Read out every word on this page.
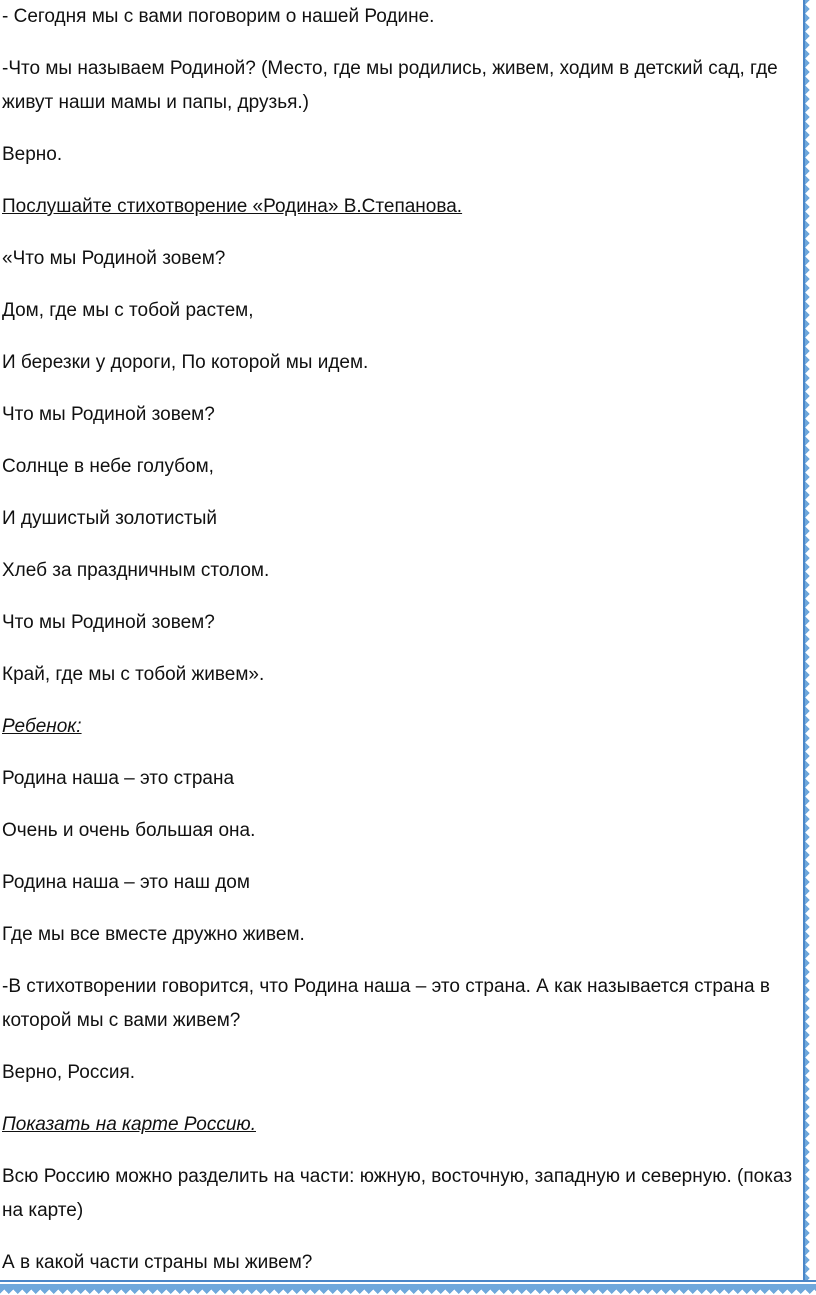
- Сегодня мы с вами поговорим о нашей Родине.

-Что мы называем Родиной? (Место, где мы родились, живем, ходим в детский сад, где живут наши мамы и папы, друзья.)

Верно.

Послушайте стихотворение «Родина» В.Степанова.

«Что мы Родиной зовем?

Дом, где мы с тобой растем,

И березки у дороги, По которой мы идем.

Что мы Родиной зовем?

Солнце в небе голубом,

И душистый золотистый

Хлеб за праздничным столом.

Что мы Родиной зовем?

Край, где мы с тобой живем».

Ребенок:

Родина наша – это страна

Очень и очень большая она.

Родина наша – это наш дом

Где мы все вместе дружно живем.

-В стихотворении говорится, что Родина наша – это страна. А как называется страна в которой мы с вами живем?

Верно, Россия.

Показать на карте Россию.

Всю Россию можно разделить на части: южную, восточную, западную и северную. (показ на карте)

А в какой части страны мы живем?
